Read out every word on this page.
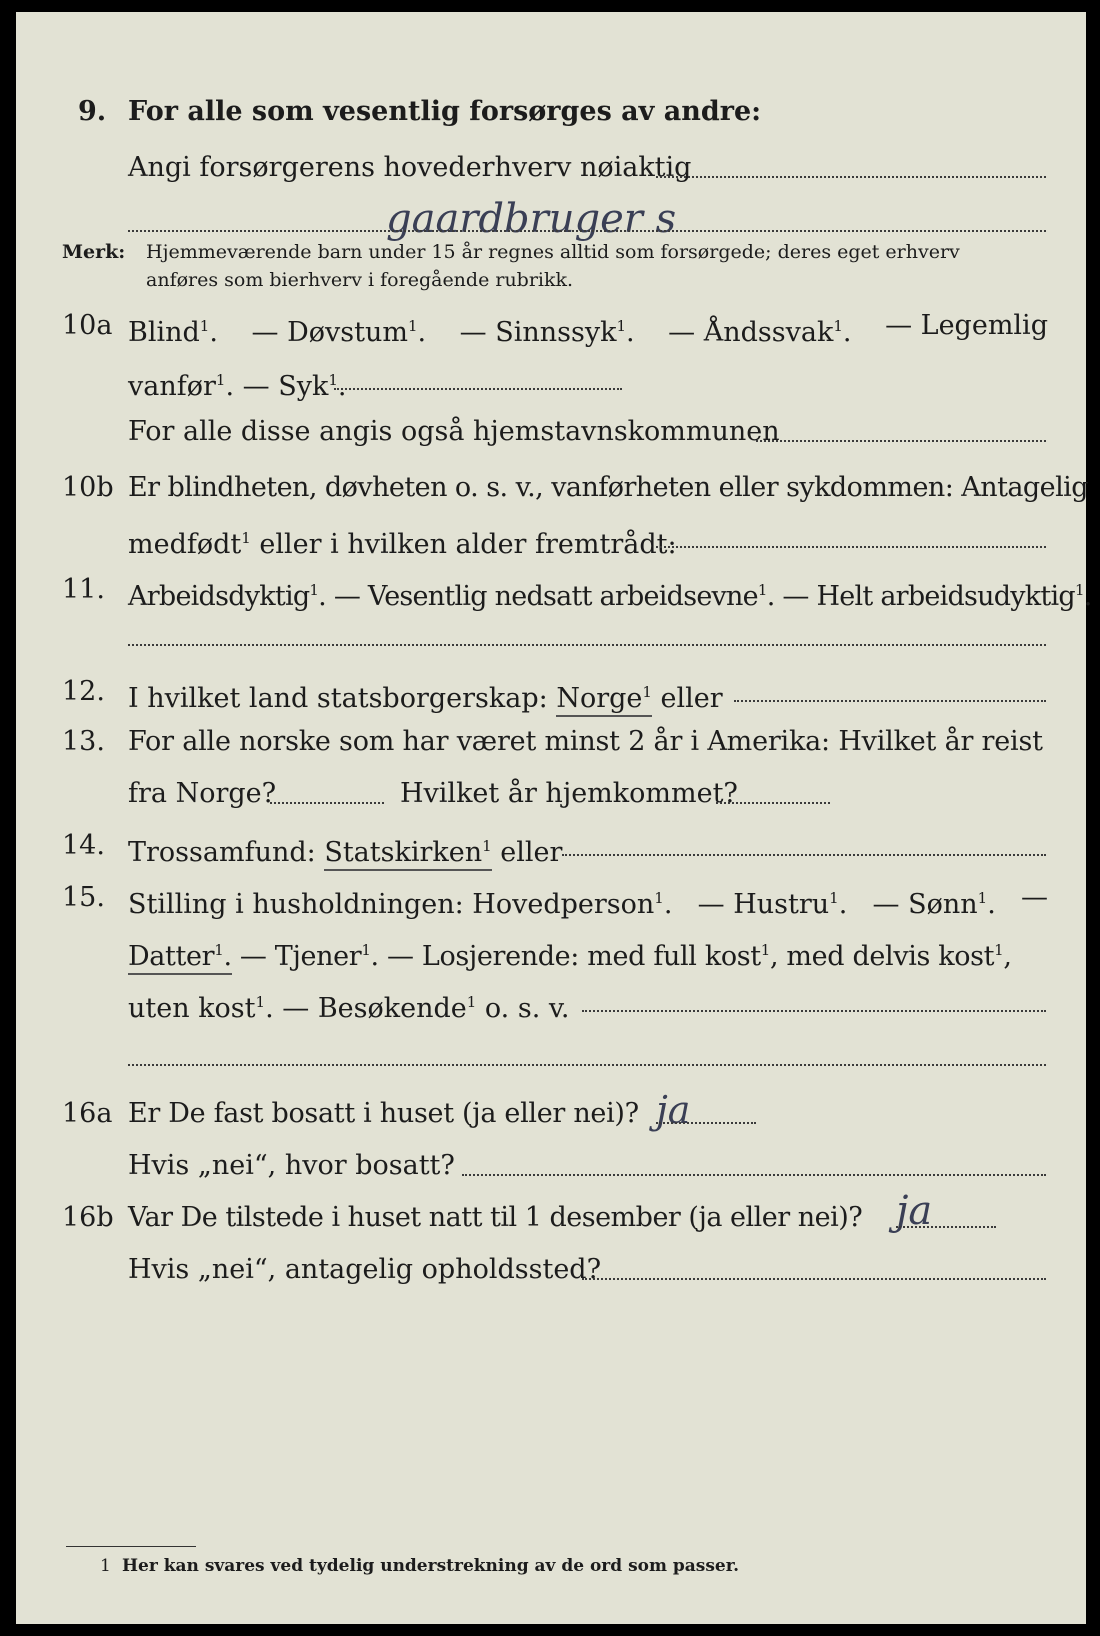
9. For alle som vesentlig forsørges av andre:
Angi forsørgerens hovederhverv nøiaktig
gaardbruger s
Merk: Hjemmeværende barn under 15 år regnes alltid som forsørgede; deres eget erhverv
anføres som bierhverv i foregående rubrikk.
10a Blind$^1$. — Døvstum$^1$. — Sinnssyk$^1$. — Åndssvak$^1$. — Legemlig
vanfør$^1$. — Syk$^1$.
For alle disse angis også hjemstavnskommunen
10b Er blindheten, døvheten o. s. v., vanførheten eller sykdommen: Antagelig
medfødt$^1$ eller i hvilken alder fremtrådt:
11. Arbeidsdyktig$^1$. — Vesentlig nedsatt arbeidsevne$^1$. — Helt arbeidsudyktig$^1$.
12. I hvilket land statsborgerskap: Norge$^1$ eller
13. For alle norske som har været minst 2 år i Amerika: Hvilket år reist
fra Norge?	Hvilket år hjemkommet?
14. Trossamfund: Statskirken$^1$ eller
15. Stilling i husholdningen: Hovedperson$^1$. — Hustru$^1$. — Sønn$^1$. —
Datter$^1$. — Tjener$^1$. — Losjerende: med full kost$^1$, med delvis kost$^1$,
uten kost$^1$. — Besøkende$^1$ o. s. v.
16a Er De fast bosatt i huset (ja eller nei)? ja
Hvis „nei“, hvor bosatt?
16b Var De tilstede i huset natt til 1 desember (ja eller nei)? ja
Hvis „nei“, antagelig opholdssted?
1 Her kan svares ved tydelig understrekning av de ord som passer.
